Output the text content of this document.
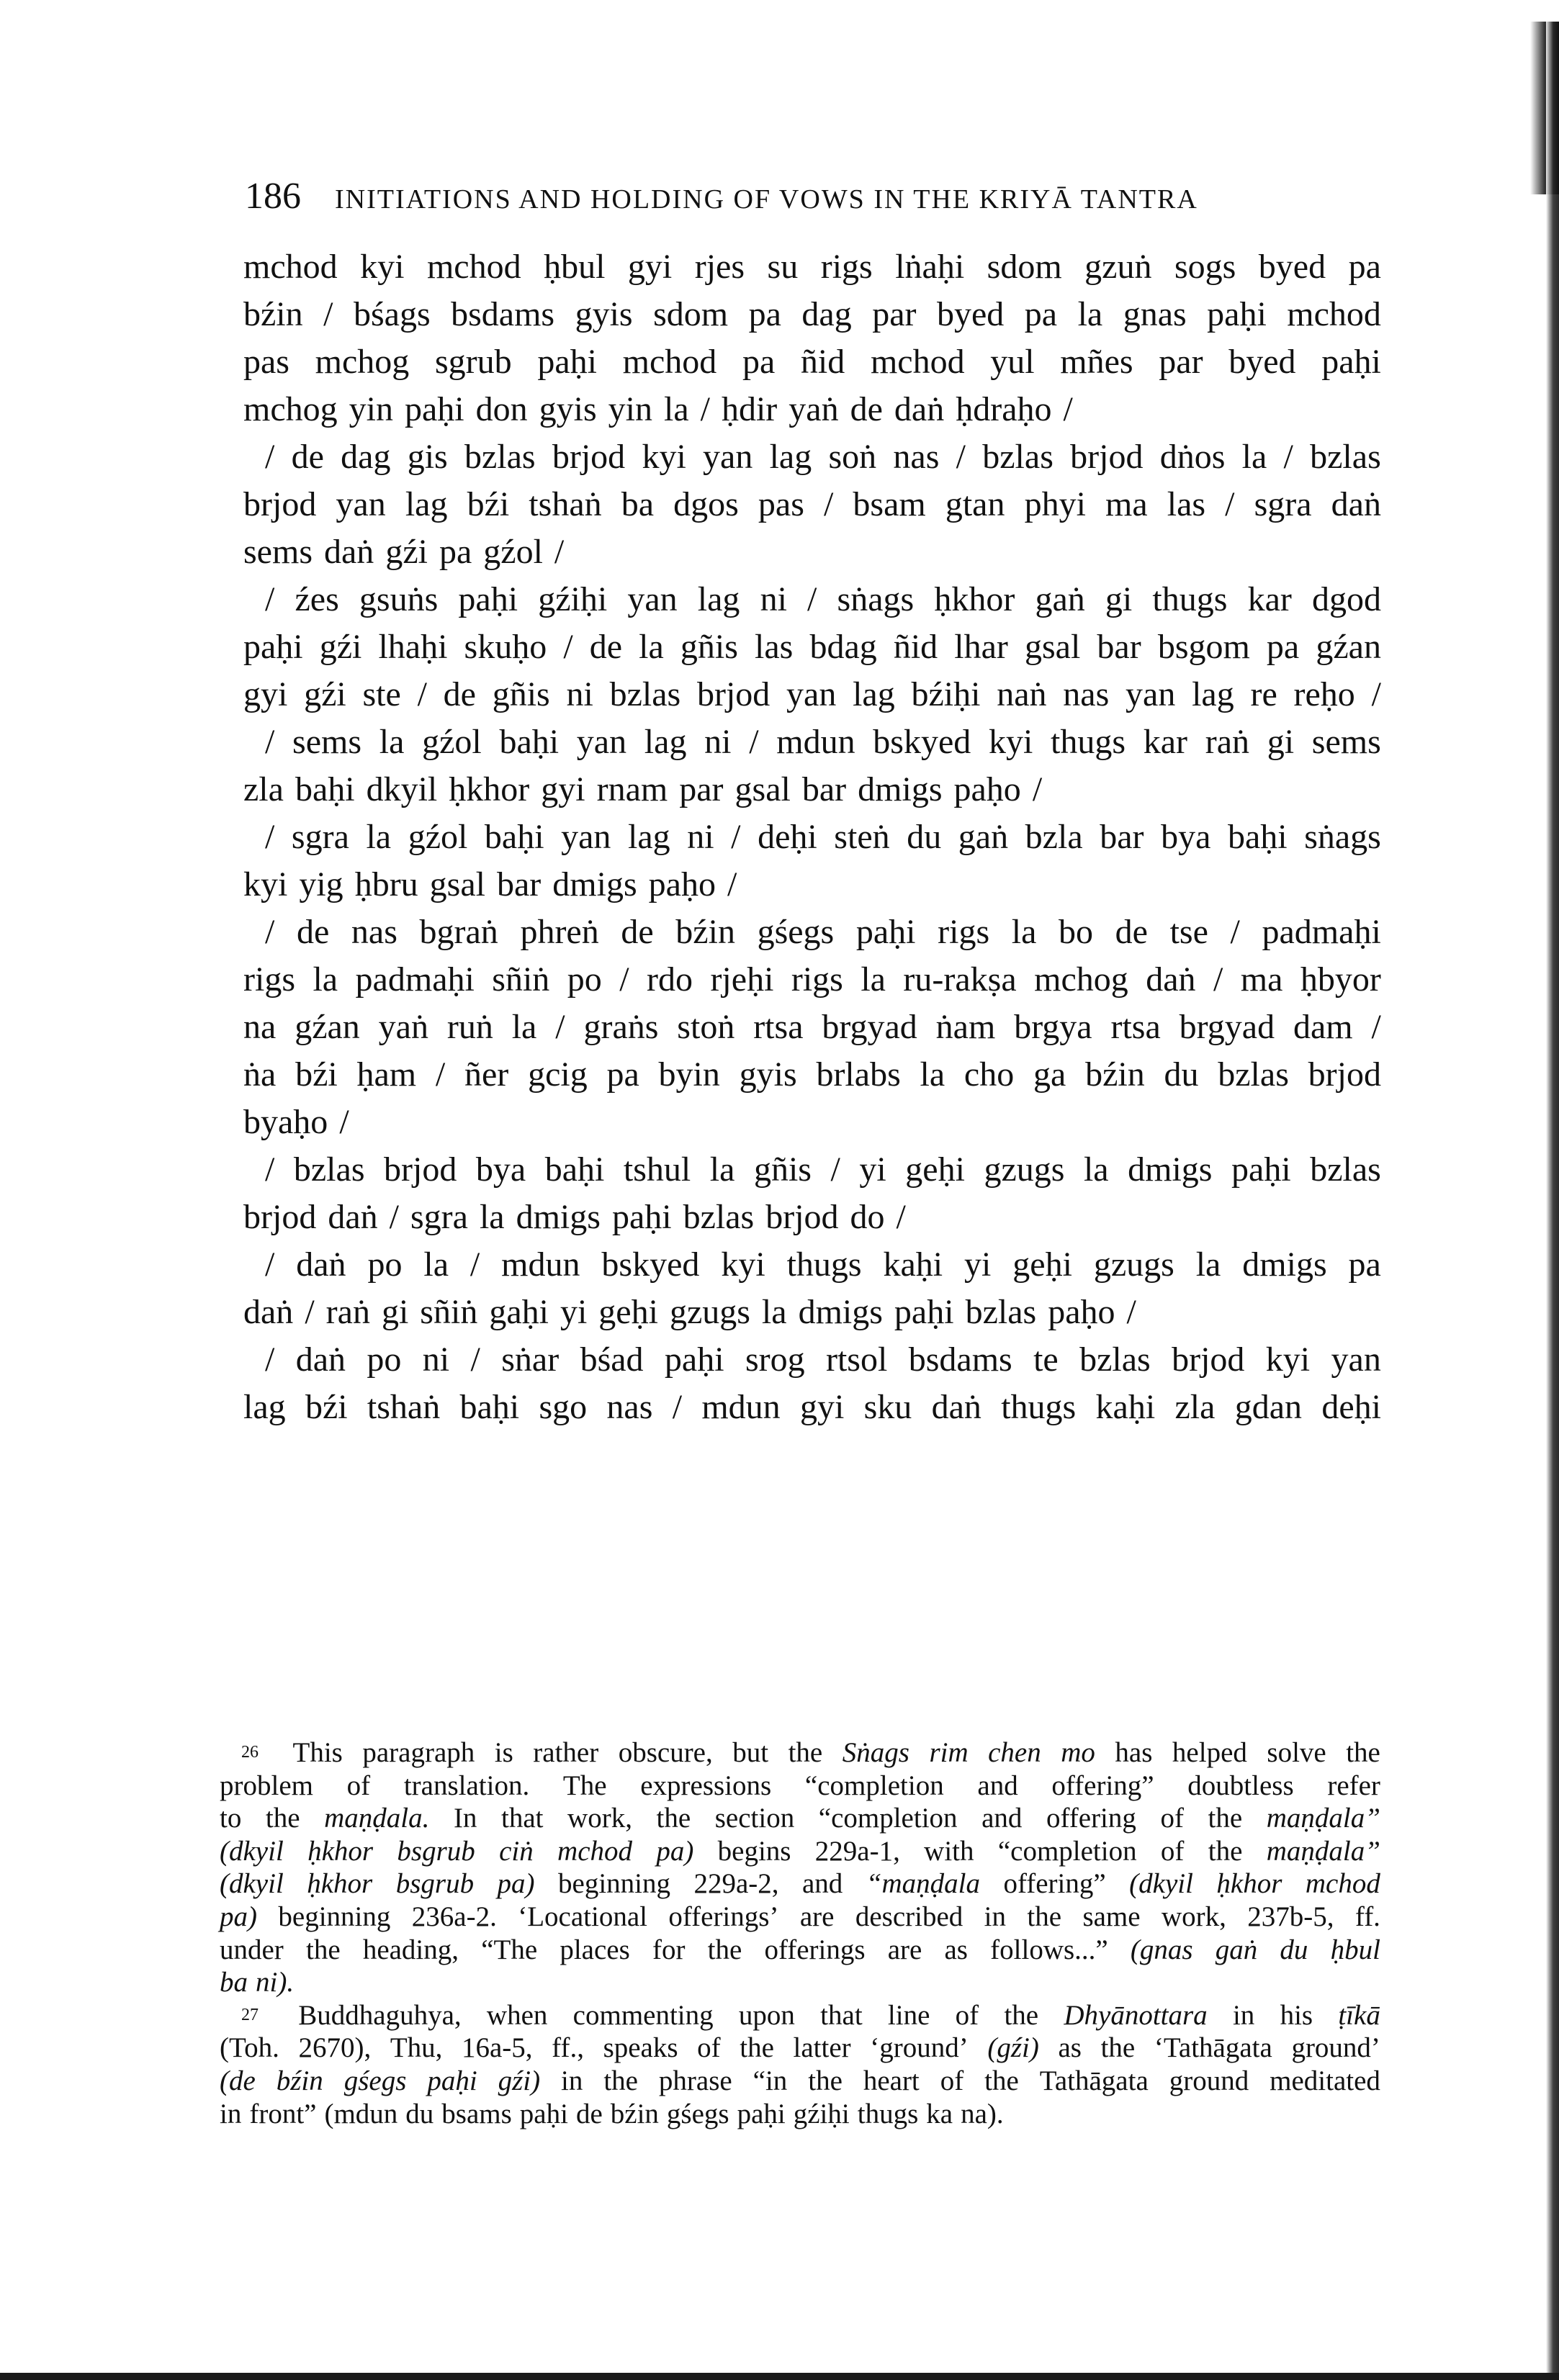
186 INITIATIONS AND HOLDING OF VOWS IN THE KRIYĀ TANTRA
mchod kyi mchod ḥbul gyi rjes su rigs lṅaḥi sdom gzuṅ sogs byed pa
bźin / bśags bsdams gyis sdom pa dag par byed pa la gnas paḥi mchod
pas mchog sgrub paḥi mchod pa ñid mchod yul mñes par byed paḥi
mchog yin paḥi don gyis yin la / ḥdir yaṅ de daṅ ḥdraḥo /
/ de dag gis bzlas brjod kyi yan lag soṅ nas / bzlas brjod dṅos la / bzlas
brjod yan lag bźi tshaṅ ba dgos pas / bsam gtan phyi ma las / sgra daṅ
sems daṅ gźi pa gźol /
/ źes gsuṅs paḥi gźiḥi yan lag ni / sṅags ḥkhor gaṅ gi thugs kar dgod
paḥi gźi lhaḥi skuḥo / de la gñis las bdag ñid lhar gsal bar bsgom pa gźan
gyi gźi ste / de gñis ni bzlas brjod yan lag bźiḥi naṅ nas yan lag re reḥo /
/ sems la gźol baḥi yan lag ni / mdun bskyed kyi thugs kar raṅ gi sems
zla baḥi dkyil ḥkhor gyi rnam par gsal bar dmigs paḥo /
/ sgra la gźol baḥi yan lag ni / deḥi steṅ du gaṅ bzla bar bya baḥi sṅags
kyi yig ḥbru gsal bar dmigs paḥo /
/ de nas bgraṅ phreṅ de bźin gśegs paḥi rigs la bo de tse / padmaḥi
rigs la padmaḥi sñiṅ po / rdo rjeḥi rigs la ru-rakṣa mchog daṅ / ma ḥbyor
na gźan yaṅ ruṅ la / graṅs stoṅ rtsa brgyad ṅam brgya rtsa brgyad dam /
ṅa bźi ḥam / ñer gcig pa byin gyis brlabs la cho ga bźin du bzlas brjod
byaḥo /
/ bzlas brjod bya baḥi tshul la gñis / yi geḥi gzugs la dmigs paḥi bzlas
brjod daṅ / sgra la dmigs paḥi bzlas brjod do /
/ daṅ po la / mdun bskyed kyi thugs kaḥi yi geḥi gzugs la dmigs pa
daṅ / raṅ gi sñiṅ gaḥi yi geḥi gzugs la dmigs paḥi bzlas paḥo /
/ daṅ po ni / sṅar bśad paḥi srog rtsol bsdams te bzlas brjod kyi yan
lag bźi tshaṅ baḥi sgo nas / mdun gyi sku daṅ thugs kaḥi zla gdan deḥi
26 This paragraph is rather obscure, but the Sṅags rim chen mo has helped solve the
problem of translation. The expressions “completion and offering” doubtless refer
to the maṇḍala. In that work, the section “completion and offering of the maṇḍala”
(dkyil ḥkhor bsgrub ciṅ mchod pa) begins 229a-1, with “completion of the maṇḍala”
(dkyil ḥkhor bsgrub pa) beginning 229a-2, and “maṇḍala offering” (dkyil ḥkhor mchod
pa) beginning 236a-2. ‘Locational offerings’ are described in the same work, 237b-5, ff.
under the heading, “The places for the offerings are as follows...” (gnas gaṅ du ḥbul
ba ni).
27 Buddhaguhya, when commenting upon that line of the Dhyānottara in his ṭīkā
(Toh. 2670), Thu, 16a-5, ff., speaks of the latter ‘ground’ (gźi) as the ‘Tathāgata ground’
(de bźin gśegs paḥi gźi) in the phrase “in the heart of the Tathāgata ground meditated
in front” (mdun du bsams paḥi de bźin gśegs paḥi gźiḥi thugs ka na).
